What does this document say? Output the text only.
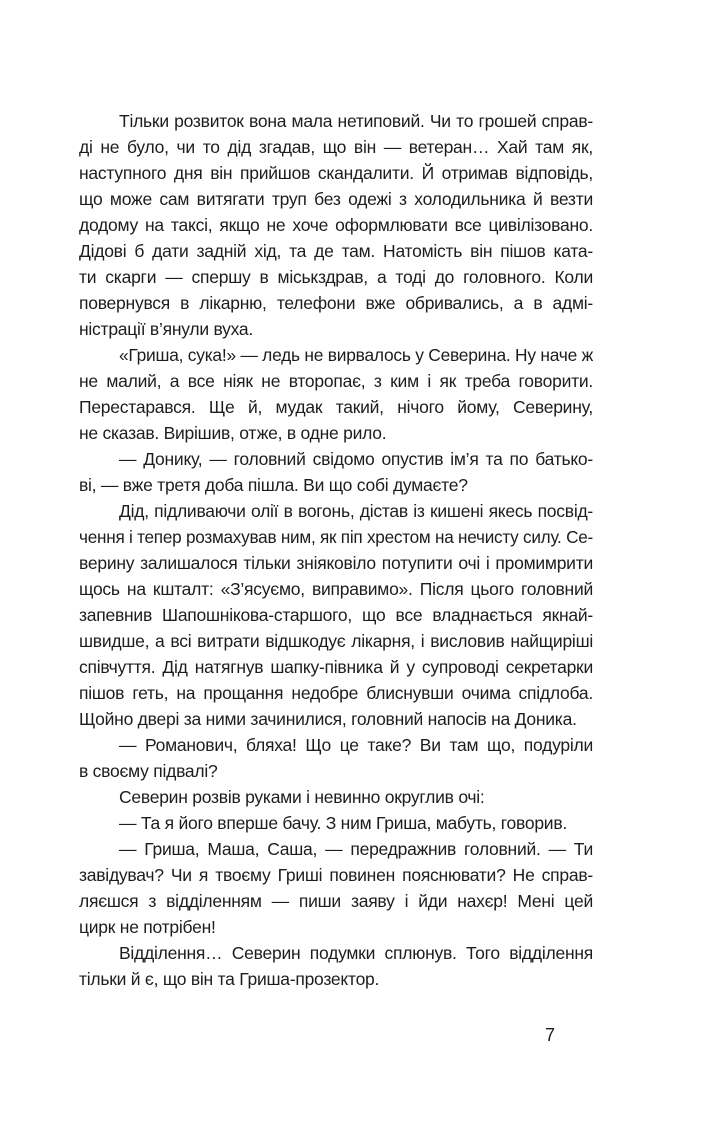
Тільки розвиток вона мала нетиповий. Чи то грошей справ-
ді не було, чи то дід згадав, що він — ветеран… Хай там як,
наступного дня він прийшов скандалити. Й отримав відповідь,
що може сам витягати труп без одежі з холодильника й везти
додому на таксі, якщо не хоче оформлювати все цивілізовано.
Дідові б дати задній хід, та де там. Натомість він пішов ката-
ти скарги — спершу в міськздрав, а тоді до головного. Коли
повернувся в лікарню, телефони вже обривались, а в адмі-
ністрації в’янули вуха.
«Гриша, сука!» — ледь не вирвалось у Северина. Ну наче ж
не малий, а все ніяк не второпає, з ким і як треба говорити.
Перестарався. Ще й, мудак такий, нічого йому, Северину,
не сказав. Вирішив, отже, в одне рило.
— Донику, — головний свідомо опустив ім’я та по батько-
ві, — вже третя доба пішла. Ви що собі думаєте?
Дід, підливаючи олії в вогонь, дістав із кишені якесь посвід-
чення і тепер розмахував ним, як піп хрестом на нечисту силу. Се-
верину залишалося тільки зніяковіло потупити очі і промимрити
щось на кшталт: «З’ясуємо, виправимо». Після цього головний
запевнив Шапошнікова-старшого, що все владнається якнай-
швидше, а всі витрати відшкодує лікарня, і висловив найщиріші
співчуття. Дід натягнув шапку-півника й у супроводі секретарки
пішов геть, на прощання недобре блиснувши очима спідлоба.
Щойно двері за ними зачинилися, головний напосів на Доника.
— Романович, бляха! Що це таке? Ви там що, подуріли
в своєму підвалі?
Северин розвів руками і невинно округлив очі:
— Та я його вперше бачу. З ним Гриша, мабуть, говорив.
— Гриша, Маша, Саша, — передражнив головний. — Ти
завідувач? Чи я твоєму Гриші повинен пояснювати? Не справ-
ляєшся з відділенням — пиши заяву і йди нахєр! Мені цей
цирк не потрібен!
Відділення… Северин подумки сплюнув. Того відділення
тільки й є, що він та Гриша-прозектор.
7
